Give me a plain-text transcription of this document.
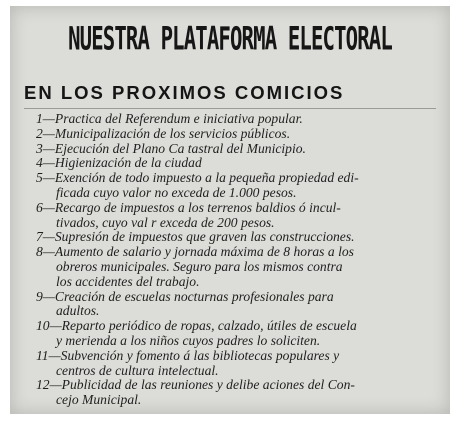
NUESTRA PLATAFORMA ELECTORAL
EN LOS PROXIMOS COMICIOS
1—Practica del Referendum e iniciativa popular.
2—Municipalización de los servicios públicos.
3—Ejecución del Plano Ca tastral del Municipio.
4—Higienización de la ciudad
5—Exención de todo impuesto a la pequeña propiedad edi-
ficada cuyo valor no exceda de 1.000 pesos.
6—Recargo de impuestos a los terrenos baldios ó incul-
tivados, cuyo val r exceda de 200 pesos.
7—Supresión de impuestos que graven las construcciones.
8—Aumento de salario y jornada máxima de 8 horas a los
obreros municipales. Seguro para los mismos contra
los accidentes del trabajo.
9—Creación de escuelas nocturnas profesionales para
adultos.
10—Reparto periódico de ropas, calzado, útiles de escuela
y merienda a los niños cuyos padres lo soliciten.
11—Subvención y fomento á las bibliotecas populares y
centros de cultura intelectual.
12—Publicidad de las reuniones y delibe aciones del Con-
cejo Municipal.
